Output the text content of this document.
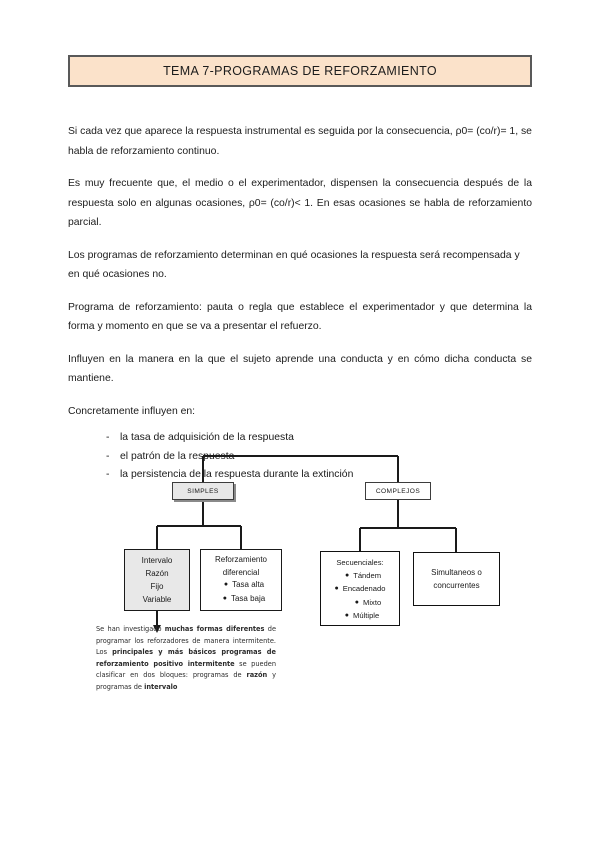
TEMA 7-PROGRAMAS DE REFORZAMIENTO

Si cada vez que aparece la respuesta instrumental es seguida por la consecuencia, ρ0= (co/r)= 1, se habla de reforzamiento continuo.

Es muy frecuente que, el medio o el experimentador, dispensen la consecuencia después de la respuesta solo en algunas ocasiones, ρ0= (co/r)< 1. En esas ocasiones se habla de reforzamiento parcial.

Los programas de reforzamiento determinan en qué ocasiones la respuesta será recompensada y en qué ocasiones no.

Programa de reforzamiento: pauta o regla que establece el experimentador y que determina la forma y momento en que se va a presentar el refuerzo.

Influyen en la manera en la que el sujeto aprende una conducta y en cómo dicha conducta se mantiene.

Concretamente influyen en:

- la tasa de adquisición de la respuesta
- el patrón de la respuesta
- la persistencia de la respuesta durante la extinción
SIMPLES	COMPLEJOS
Intervalo
Razón
Fijo
Variable
Reforzamiento
diferencial
● Tasa alta
● Tasa baja
Secuenciales:
● Tándem
● Encadenado
● Mixto
● Múltiple
Simultaneos o
concurrentes
Se han investigado muchas formas diferentes de programar los reforzadores de manera intermitente. Los principales y más básicos programas de reforzamiento positivo intermitente se pueden clasificar en dos bloques: programas de razón y programas de intervalo
